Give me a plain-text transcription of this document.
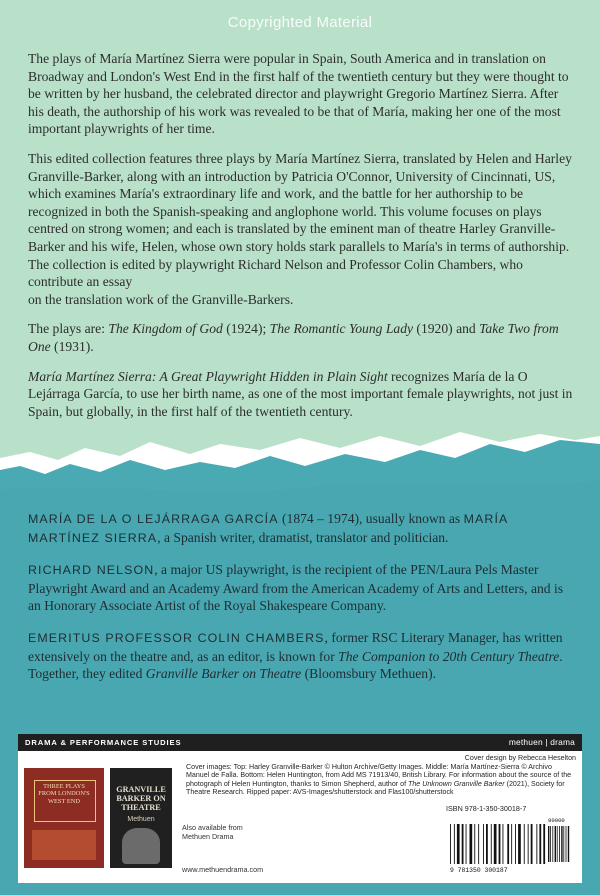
Copyrighted Material

The plays of María Martínez Sierra were popular in Spain, South America and in translation on Broadway and London's West End in the first half of the twentieth century but they were thought to be written by her husband, the celebrated director and playwright Gregorio Martínez Sierra. After his death, the authorship of his work was revealed to be that of María, making her one of the most important playwrights of her time.

This edited collection features three plays by María Martínez Sierra, translated by Helen and Harley Granville-Barker, along with an introduction by Patricia O'Connor, University of Cincinnati, US, which examines María's extraordinary life and work, and the battle for her authorship to be recognized in both the Spanish-speaking and anglophone world. This volume focuses on plays centred on strong women; and each is translated by the eminent man of theatre Harley Granville-Barker and his wife, Helen, whose own story holds stark parallels to María's in terms of authorship. The collection is edited by playwright Richard Nelson and Professor Colin Chambers, who contribute an essay
on the translation work of the Granville-Barkers.

The plays are: The Kingdom of God (1924); The Romantic Young Lady (1920) and Take Two from One (1931).

María Martínez Sierra: A Great Playwright Hidden in Plain Sight recognizes María de la O Lejárraga García, to use her birth name, as one of the most important female playwrights, not just in Spain, but globally, in the first half of the twentieth century.

MARÍA DE LA O LEJÁRRAGA GARCÍA (1874 – 1974), usually known as MARÍA MARTÍNEZ SIERRA, a Spanish writer, dramatist, translator and politician.

RICHARD NELSON, a major US playwright, is the recipient of the PEN/Laura Pels Master Playwright Award and an Academy Award from the American Academy of Arts and Letters, and is an Honorary Associate Artist of the Royal Shakespeare Company.

EMERITUS PROFESSOR COLIN CHAMBERS, former RSC Literary Manager, has written extensively on the theatre and, as an editor, is known for The Companion to 20th Century Theatre. Together, they edited Granville Barker on Theatre (Bloomsbury Methuen).

DRAMA & PERFORMANCE STUDIES	methuen | drama
THREE PLAYS FROM LONDON'S WEST END
GRANVILLE BARKER ON THEATRE
Methuen
Cover design by Rebecca Heselton
Cover images: Top: Harley Granville-Barker © Hulton Archive/Getty Images. Middle: María Martínez-Sierra © Archivo Manuel de Falla. Bottom: Helen Huntington, from Add MS 71913/40, British Library. For information about the source of the photograph of Helen Huntington, thanks to Simon Shepherd, author of The Unknown Granville Barker (2021), Society for Theatre Research. Ripped paper: AVS-Images/shutterstock and Flas100/shutterstock
Also available from Methuen Drama
www.methuendrama.com
ISBN 978-1-350-30018-7
9 781350 300187
90000
